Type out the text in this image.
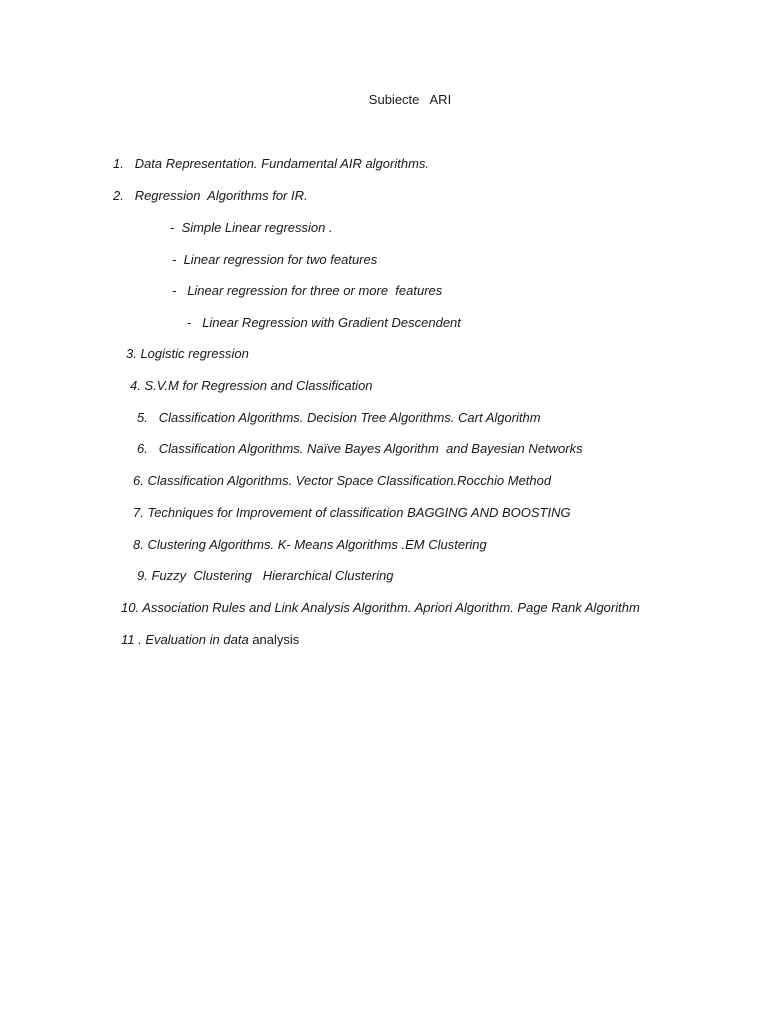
Subiecte   ARI
1. Data Representation. Fundamental AIR algorithms.
2. Regression  Algorithms for IR.
- Simple Linear regression .
- Linear regression for two features
- Linear regression for three or more  features
- Linear Regression with Gradient Descendent
3. Logistic regression
4. S.V.M for Regression and Classification
5. Classification Algorithms. Decision Tree Algorithms. Cart Algorithm
6. Classification Algorithms. Naïve Bayes Algorithm  and Bayesian Networks
6. Classification Algorithms. Vector Space Classification.Rocchio Method
7. Techniques for Improvement of classification BAGGING AND BOOSTING
8. Clustering Algorithms. K- Means Algorithms .EM Clustering
9. Fuzzy  Clustering   Hierarchical Clustering
10. Association Rules and Link Analysis Algorithm. Apriori Algorithm. Page Rank Algorithm
11 . Evaluation in data analysis
